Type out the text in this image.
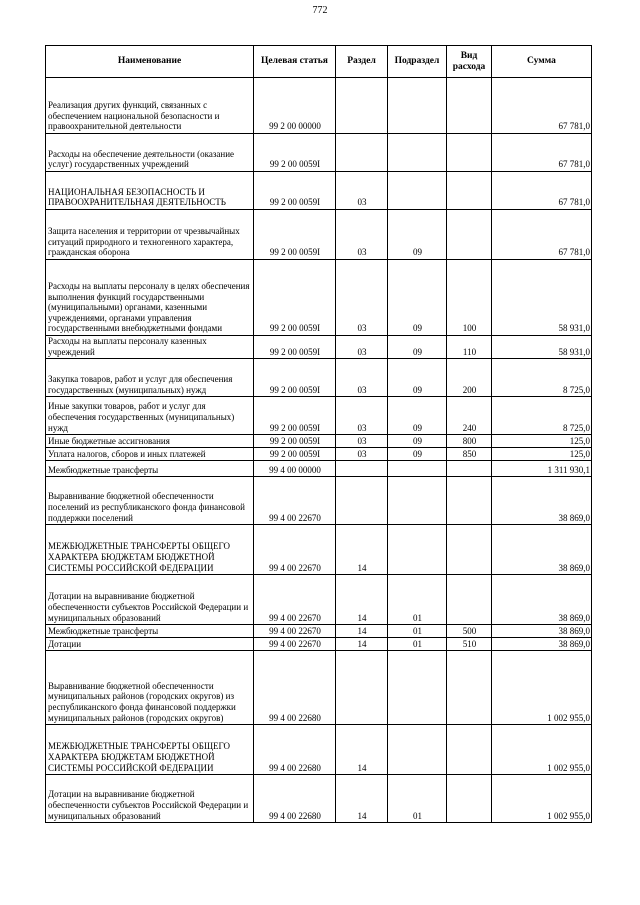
772
Наименование	Целевая статья	Раздел	Подраздел	Вид расхода	Сумма
Реализация других функций, связанных с обеспечением национальной безопасности и правоохранительной деятельности	99 2 00 00000				67 781,0
Расходы на обеспечение деятельности (оказание услуг) государственных учреждений	99 2 00 0059I				67 781,0
НАЦИОНАЛЬНАЯ БЕЗОПАСНОСТЬ И ПРАВООХРАНИТЕЛЬНАЯ ДЕЯТЕЛЬНОСТЬ	99 2 00 0059I	03			67 781,0
Защита населения и территории от чрезвычайных ситуаций природного и техногенного характера, гражданская оборона	99 2 00 0059I	03	09		67 781,0
Расходы на выплаты персоналу в целях обеспечения выполнения функций государственными (муниципальными) органами, казенными учреждениями, органами управления государственными внебюджетными фондами	99 2 00 0059I	03	09	100	58 931,0
Расходы на выплаты персоналу казенных учреждений	99 2 00 0059I	03	09	110	58 931,0
Закупка товаров, работ и услуг для обеспечения государственных (муниципальных) нужд	99 2 00 0059I	03	09	200	8 725,0
Иные закупки товаров, работ и услуг для обеспечения государственных (муниципальных) нужд	99 2 00 0059I	03	09	240	8 725,0
Иные бюджетные ассигнования	99 2 00 0059I	03	09	800	125,0
Уплата налогов, сборов и иных платежей	99 2 00 0059I	03	09	850	125,0
Межбюджетные трансферты	99 4 00 00000				1 311 930,1
Выравнивание бюджетной обеспеченности поселений из республиканского фонда финансовой поддержки поселений	99 4 00 22670				38 869,0
МЕЖБЮДЖЕТНЫЕ ТРАНСФЕРТЫ ОБЩЕГО ХАРАКТЕРА БЮДЖЕТАМ БЮДЖЕТНОЙ СИСТЕМЫ РОССИЙСКОЙ ФЕДЕРАЦИИ	99 4 00 22670	14			38 869,0
Дотации на выравнивание бюджетной обеспеченности субъектов Российской Федерации и муниципальных образований	99 4 00 22670	14	01		38 869,0
Межбюджетные трансферты	99 4 00 22670	14	01	500	38 869,0
Дотации	99 4 00 22670	14	01	510	38 869,0
Выравнивание бюджетной обеспеченности муниципальных районов (городских округов) из республиканского фонда финансовой поддержки муниципальных районов (городских округов)	99 4 00 22680				1 002 955,0
МЕЖБЮДЖЕТНЫЕ ТРАНСФЕРТЫ ОБЩЕГО ХАРАКТЕРА БЮДЖЕТАМ БЮДЖЕТНОЙ СИСТЕМЫ РОССИЙСКОЙ ФЕДЕРАЦИИ	99 4 00 22680	14			1 002 955,0
Дотации на выравнивание бюджетной обеспеченности субъектов Российской Федерации и муниципальных образований	99 4 00 22680	14	01		1 002 955,0
